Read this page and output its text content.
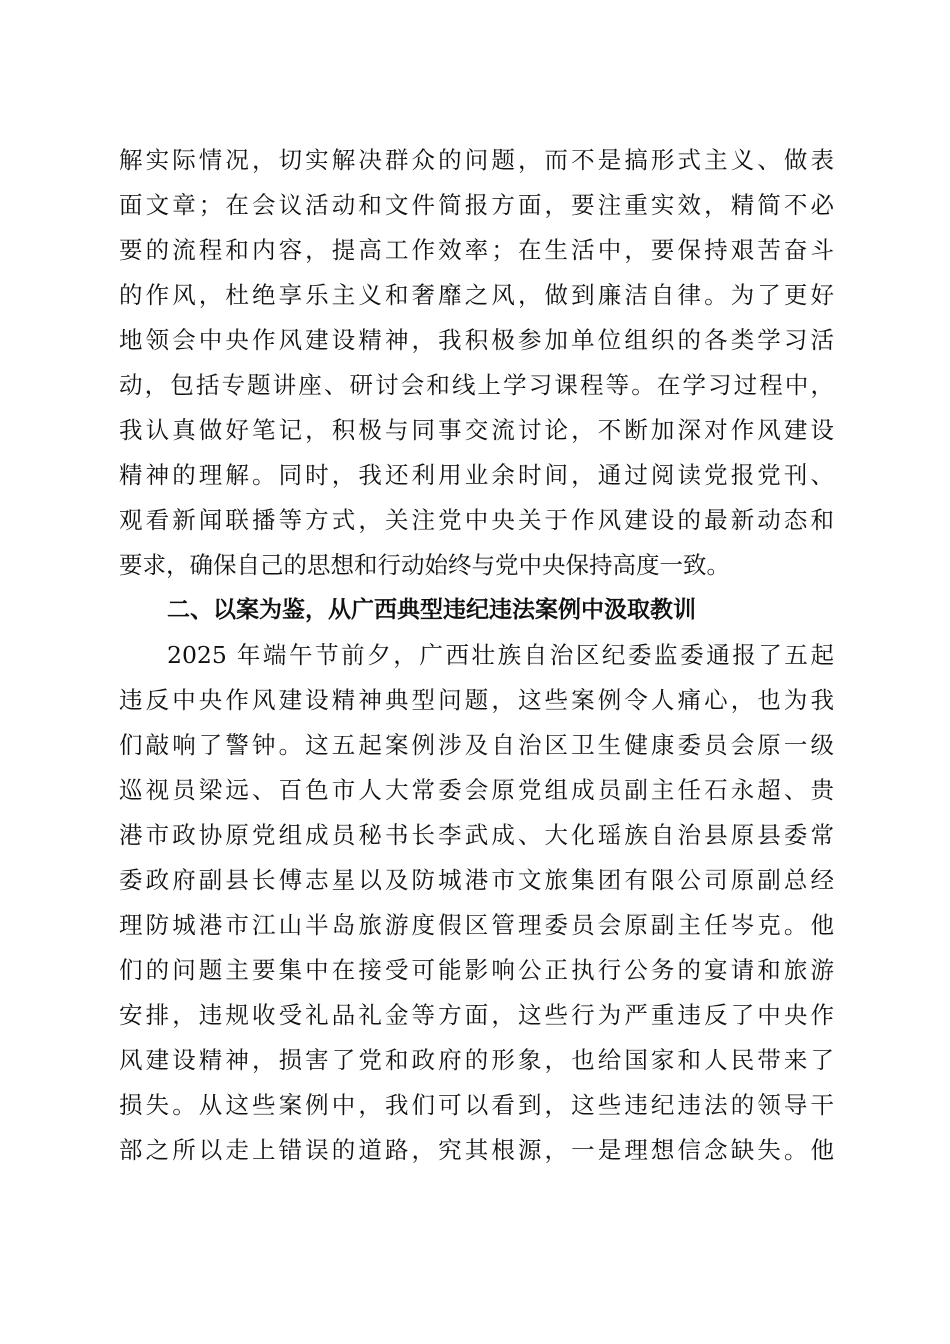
解实际情况，切实解决群众的问题，而不是搞形式主义、做表
面文章；在会议活动和文件简报方面，要注重实效，精简不必
要的流程和内容，提高工作效率；在生活中，要保持艰苦奋斗
的作风，杜绝享乐主义和奢靡之风，做到廉洁自律。为了更好
地领会中央作风建设精神，我积极参加单位组织的各类学习活
动，包括专题讲座、研讨会和线上学习课程等。在学习过程中，
我认真做好笔记，积极与同事交流讨论，不断加深对作风建设
精神的理解。同时，我还利用业余时间，通过阅读党报党刊、
观看新闻联播等方式，关注党中央关于作风建设的最新动态和
要求，确保自己的思想和行动始终与党中央保持高度一致。
二、以案为鉴，从广西典型违纪违法案例中汲取教训
2025 年端午节前夕，广西壮族自治区纪委监委通报了五起
违反中央作风建设精神典型问题，这些案例令人痛心，也为我
们敲响了警钟。这五起案例涉及自治区卫生健康委员会原一级
巡视员梁远、百色市人大常委会原党组成员副主任石永超、贵
港市政协原党组成员秘书长李武成、大化瑶族自治县原县委常
委政府副县长傅志星以及防城港市文旅集团有限公司原副总经
理防城港市江山半岛旅游度假区管理委员会原副主任岑克。他
们的问题主要集中在接受可能影响公正执行公务的宴请和旅游
安排，违规收受礼品礼金等方面，这些行为严重违反了中央作
风建设精神，损害了党和政府的形象，也给国家和人民带来了
损失。从这些案例中，我们可以看到，这些违纪违法的领导干
部之所以走上错误的道路，究其根源，一是理想信念缺失。他
